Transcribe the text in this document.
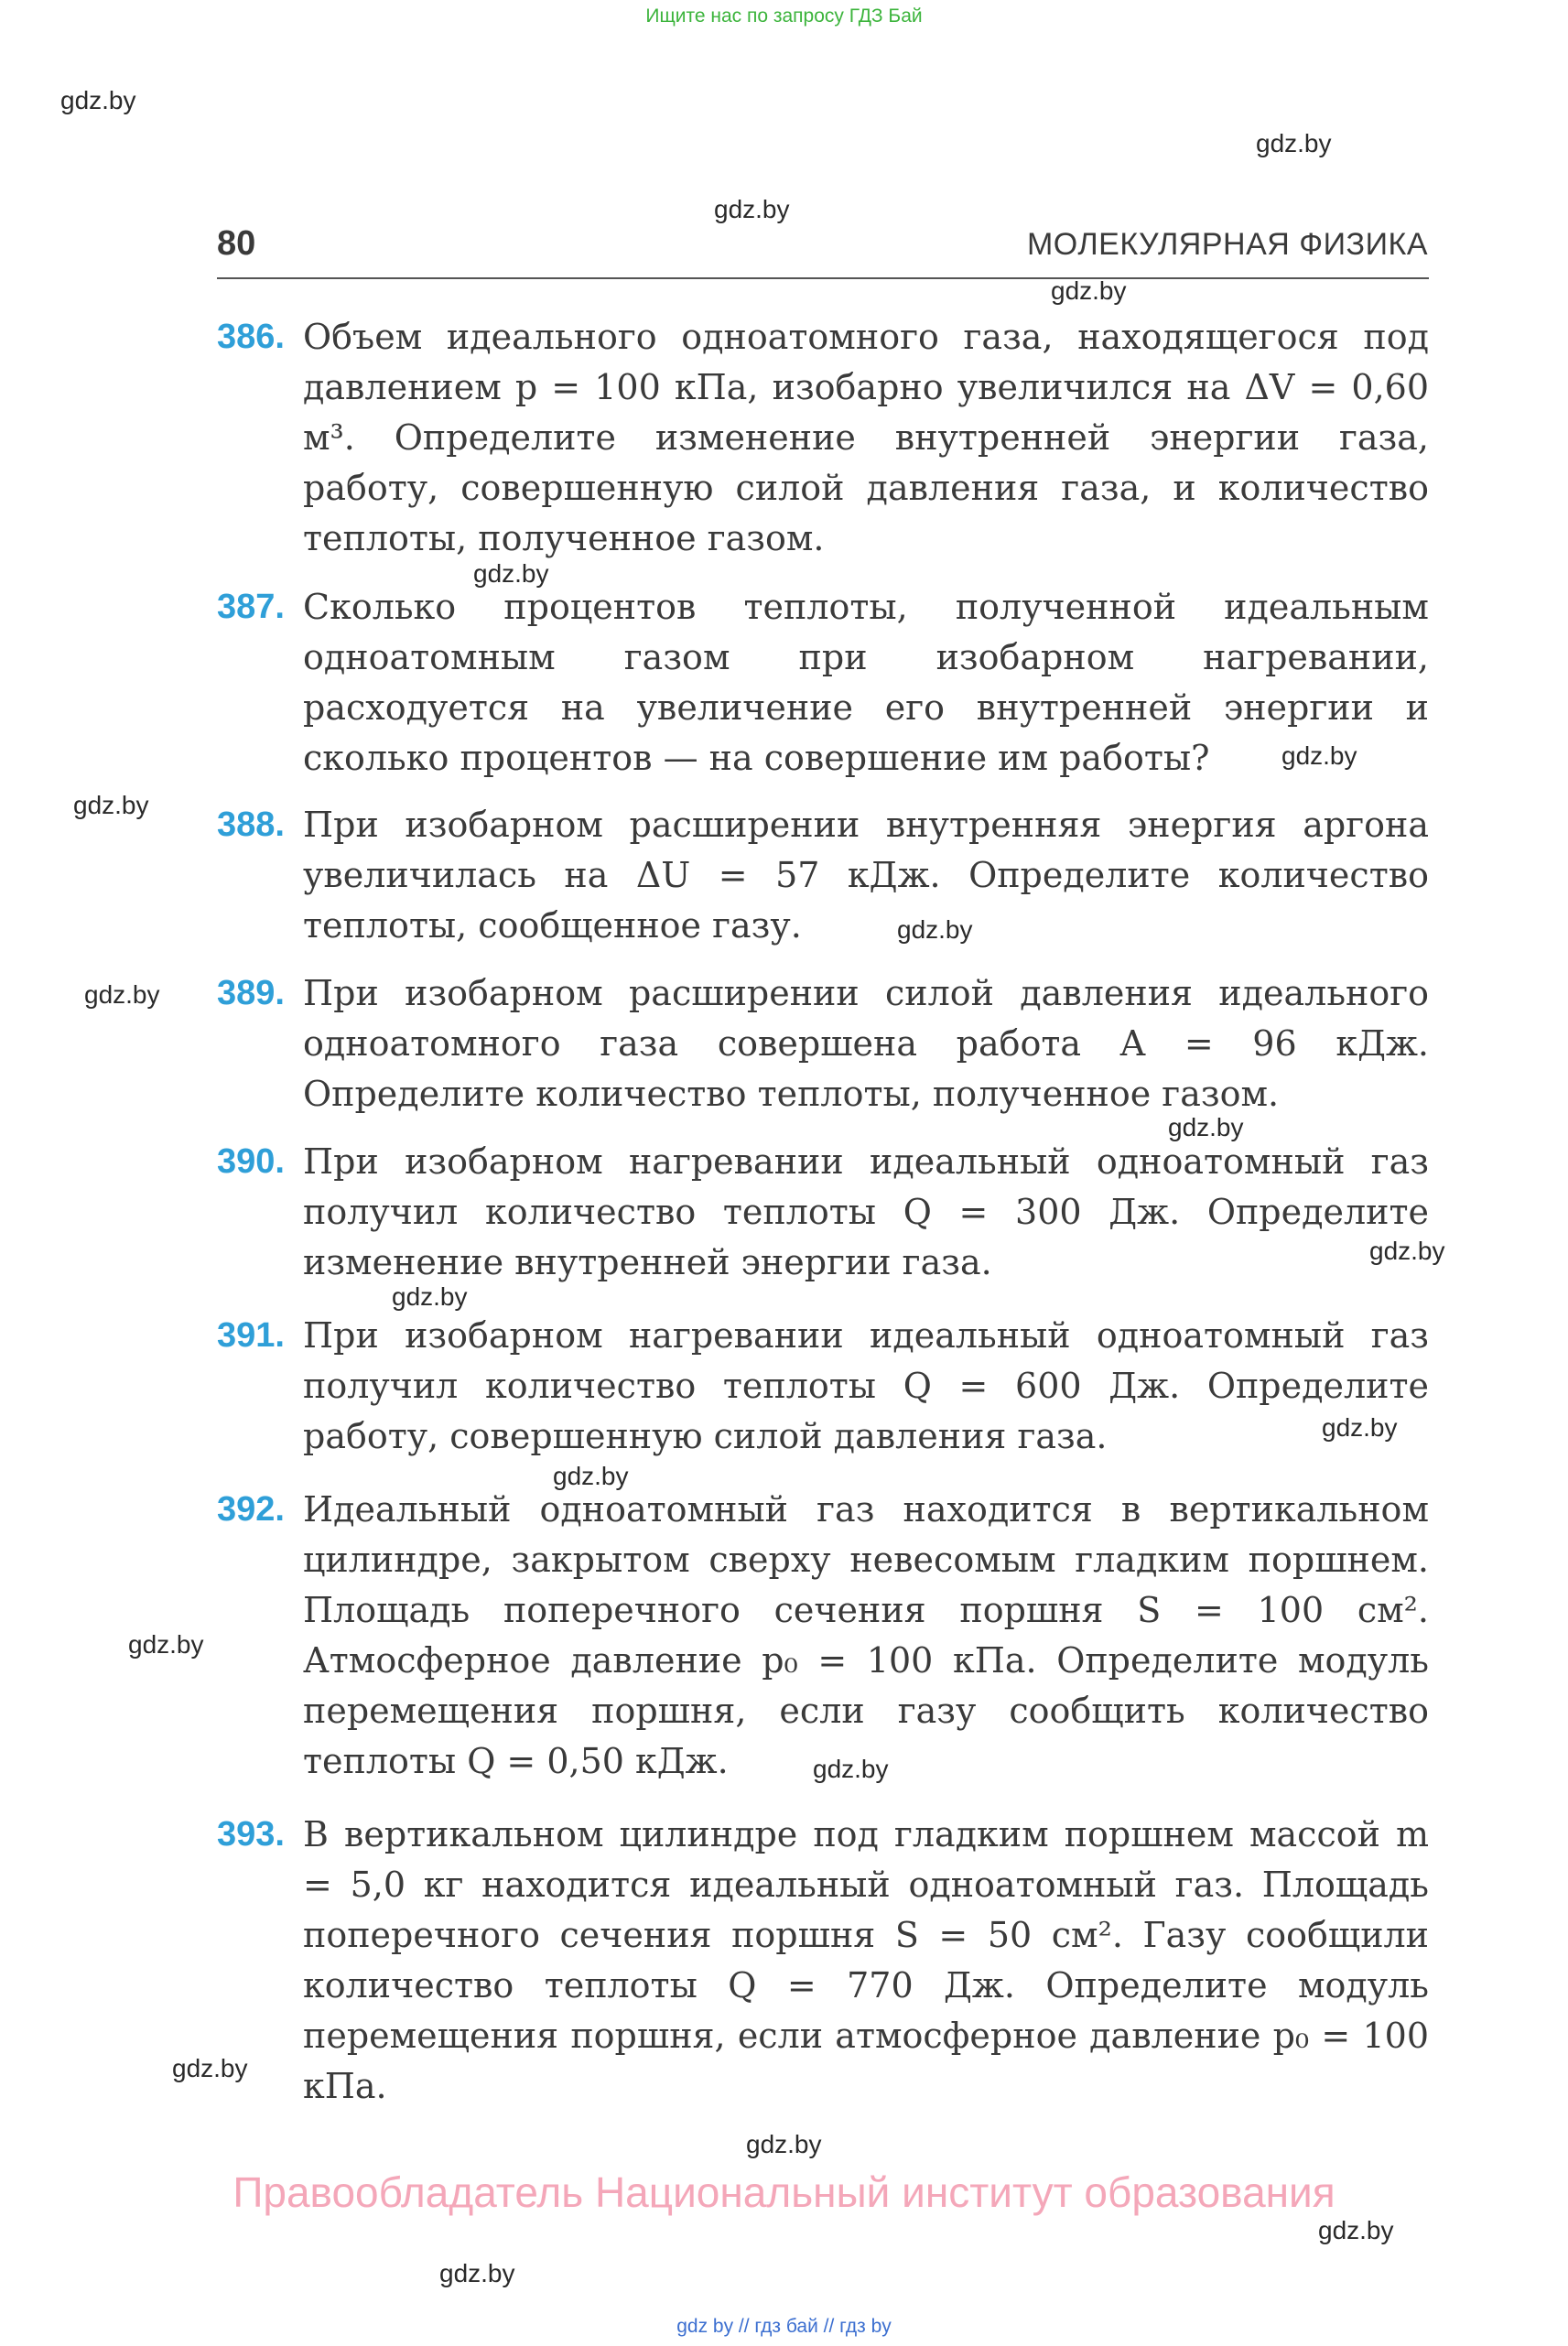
Ищите нас по запросу ГДЗ Бай
gdz.by
gdz.by
gdz.by
80	МОЛЕКУЛЯРНАЯ ФИЗИКА
gdz.by
386. Объем идеального одноатомного газа, находящегося под давлением p = 100 кПа, изобарно увеличился на ΔV = 0,60 м³. Определите изменение внутренней энергии газа, работу, совершенную силой давления газа, и количество теплоты, полученное газом.
gdz.by
387. Сколько процентов теплоты, полученной идеальным одноатомным газом при изобарном нагревании, расходуется на увеличение его внутренней энергии и сколько процентов — на совершение им работы?	gdz.by
gdz.by
388. При изобарном расширении внутренняя энергия аргона увеличилась на ΔU = 57 кДж. Определите количество теплоты, сообщенное газу.	gdz.by
gdz.by 389. При изобарном расширении силой давления идеального одноатомного газа совершена работа A = 96 кДж. Определите количество теплоты, полученное газом.
gdz.by
390. При изобарном нагревании идеальный одноатомный газ получил количество теплоты Q = 300 Дж. Определите изменение внутренней энергии газа.	gdz.by
gdz.by
391. При изобарном нагревании идеальный одноатомный газ получил количество теплоты Q = 600 Дж. Определите работу, совершенную силой давления газа.	gdz.by
gdz.by
392. Идеальный одноатомный газ находится в вертикальном цилиндре, закрытом сверху невесомым гладким поршнем. Площадь поперечного сечения поршня S = 100 см². Атмосферное давление p₀ = 100 кПа. Определите модуль перемещения поршня, если газу сообщить количество теплоты Q = 0,50 кДж.
gdz.by
gdz.by
393. В вертикальном цилиндре под гладким поршнем массой m = 5,0 кг находится идеальный одноатомный газ. Площадь поперечного сечения поршня S = 50 см². Газу сообщили количество теплоты Q = 770 Дж. Определите модуль перемещения поршня, если атмосферное давление p₀ = 100 кПа.
gdz.by
gdz.by
Правообладатель Национальный институт образования
gdz.by
gdz.by
gdz by // гдз бай // гдз by
